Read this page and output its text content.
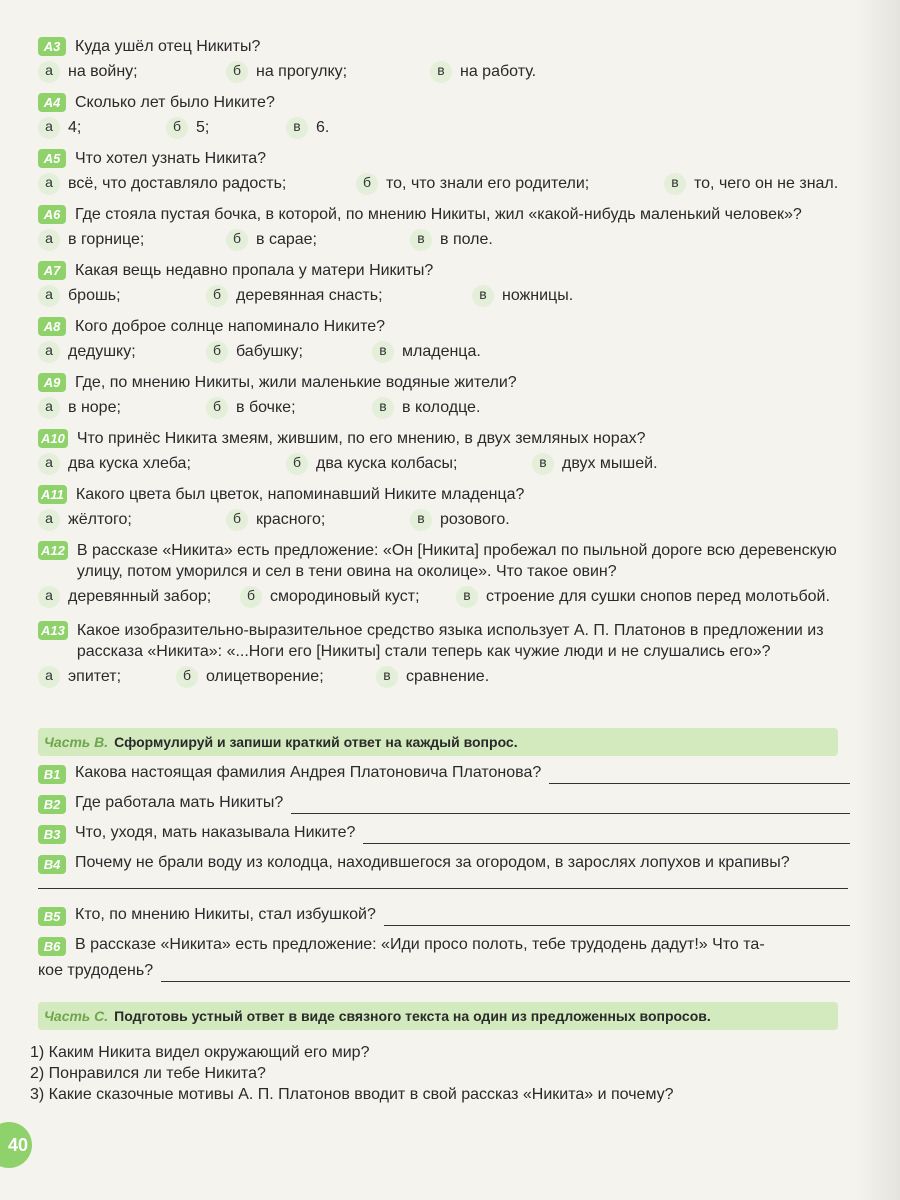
A3 Куда ушёл отец Никиты?
а на войну;	б на прогулку;	в на работу.
A4 Сколько лет было Никите?
а 4;	б 5;	в 6.
A5 Что хотел узнать Никита?
а всё, что доставляло радость;	б то, что знали его родители;	в то, чего он не знал.
A6 Где стояла пустая бочка, в которой, по мнению Никиты, жил «какой-нибудь маленький человек»?
а в горнице;	б в сарае;	в в поле.
A7 Какая вещь недавно пропала у матери Никиты?
а брошь;	б деревянная снасть;	в ножницы.
A8 Кого доброе солнце напоминало Никите?
а дедушку;	б бабушку;	в младенца.
A9 Где, по мнению Никиты, жили маленькие водяные жители?
а в норе;	б в бочке;	в в колодце.
A10 Что принёс Никита змеям, жившим, по его мнению, в двух земляных норах?
а два куска хлеба;	б два куска колбасы;	в двух мышей.
A11 Какого цвета был цветок, напоминавший Никите младенца?
а жёлтого;	б красного;	в розового.
A12 В рассказе «Никита» есть предложение: «Он [Никита] пробежал по пыльной дороге всю деревенскую улицу, потом уморился и сел в тени овина на околице». Что такое овин?
а деревянный забор;	б смородиновый куст;	в строение для сушки снопов перед молотьбой.
A13 Какое изобразительно-выразительное средство языка использует А. П. Платонов в предложении из рассказа «Никита»: «...Ноги его [Никиты] стали теперь как чужие люди и не слушались его»?
а эпитет;	б олицетворение;	в сравнение.
Часть В. Сформулируй и запиши краткий ответ на каждый вопрос.
B1 Какова настоящая фамилия Андрея Платоновича Платонова?
B2 Где работала мать Никиты?
B3 Что, уходя, мать наказывала Никите?
B4 Почему не брали воду из колодца, находившегося за огородом, в зарослях лопухов и крапивы?
B5 Кто, по мнению Никиты, стал избушкой?
B6 В рассказе «Никита» есть предложение: «Иди просо полоть, тебе трудодень дадут!» Что та-
кое трудодень?
Часть С. Подготовь устный ответ в виде связного текста на один из предложенных вопросов.
1) Каким Никита видел окружающий его мир?
2) Понравился ли тебе Никита?
3) Какие сказочные мотивы А. П. Платонов вводит в свой рассказ «Никита» и почему?
40
